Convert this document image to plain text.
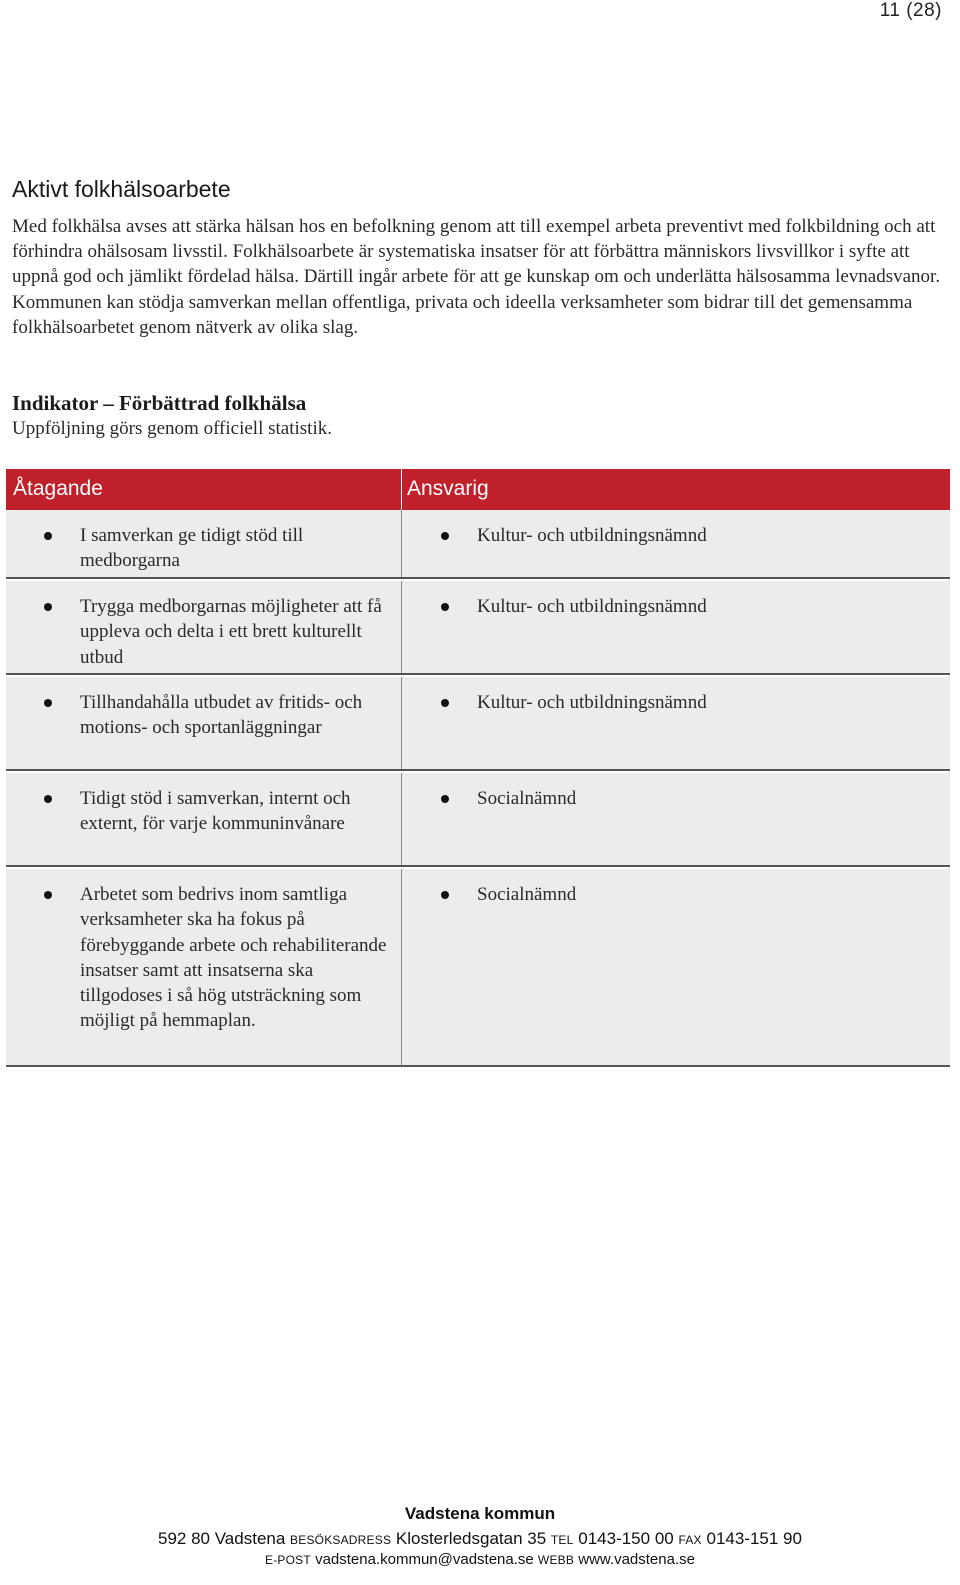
11 (28)
Aktivt folkhälsoarbete

Med folkhälsa avses att stärka hälsan hos en befolkning genom att till exempel arbeta preventivt med folkbildning och att förhindra ohälsosam livsstil. Folkhälsoarbete är systematiska insatser för att förbättra människors livsvillkor i syfte att uppnå god och jämlikt fördelad hälsa. Därtill ingår arbete för att ge kunskap om och underlätta hälsosamma levnadsvanor. Kommunen kan stödja samverkan mellan offentliga, privata och ideella verksamheter som bidrar till det gemensamma folkhälsoarbetet genom nätverk av olika slag.

Indikator – Förbättrad folkhälsa

Uppföljning görs genom officiell statistik.

Åtagande	Ansvarig
I samverkan ge tidigt stöd till medborgarna
Kultur- och utbildningsnämnd
Trygga medborgarnas möjligheter att få uppleva och delta i ett brett kulturellt utbud
Kultur- och utbildningsnämnd
Tillhandahålla utbudet av fritids- och motions- och sportanläggningar
Kultur- och utbildningsnämnd
Tidigt stöd i samverkan, internt och externt, för varje kommuninvånare
Socialnämnd
Arbetet som bedrivs inom samtliga verksamheter ska ha fokus på förebyggande arbete och rehabiliterande insatser samt att insatserna ska tillgodoses i så hög utsträckning som möjligt på hemmaplan.
Socialnämnd
Vadstena kommun
592 80 Vadstena BESÖKSADRESS Klosterledsgatan 35 TEL 0143-150 00 FAX 0143-151 90
E-POST vadstena.kommun@vadstena.se WEBB www.vadstena.se
